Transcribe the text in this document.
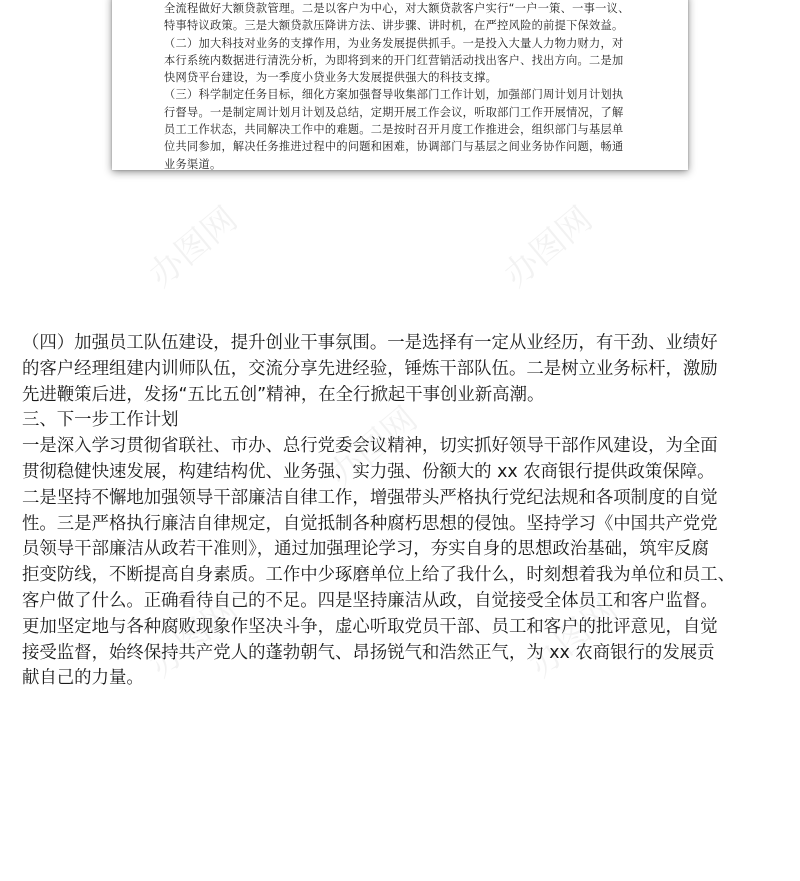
办图网	办图网
办图网
办图网	办图网
全流程做好大额贷款管理。二是以客户为中心，对大额贷款客户实行“一户一策、一事一议、
特事特议政策。三是大额贷款压降讲方法、讲步骤、讲时机，在严控风险的前提下保效益。
（二）加大科技对业务的支撑作用，为业务发展提供抓手。一是投入大量人力物力财力，对
本行系统内数据进行清洗分析，为即将到来的开门红营销活动找出客户、找出方向。二是加
快网贷平台建设，为一季度小贷业务大发展提供强大的科技支撑。
（三）科学制定任务目标，细化方案加强督导收集部门工作计划，加强部门周计划月计划执
行督导。一是制定周计划月计划及总结，定期开展工作会议，听取部门工作开展情况，了解
员工工作状态，共同解决工作中的难题。二是按时召开月度工作推进会，组织部门与基层单
位共同参加，解决任务推进过程中的问题和困难，协调部门与基层之间业务协作问题，畅通
业务渠道。
（四）加强员工队伍建设，提升创业干事氛围。一是选择有一定从业经历，有干劲、业绩好
的客户经理组建内训师队伍，交流分享先进经验，锤炼干部队伍。二是树立业务标杆，激励
先进鞭策后进，发扬“五比五创”精神，在全行掀起干事创业新高潮。
三、下一步工作计划
一是深入学习贯彻省联社、市办、总行党委会议精神，切实抓好领导干部作风建设，为全面
贯彻稳健快速发展，构建结构优、业务强、实力强、份额大的 xx 农商银行提供政策保障。
二是坚持不懈地加强领导干部廉洁自律工作，增强带头严格执行党纪法规和各项制度的自觉
性。三是严格执行廉洁自律规定，自觉抵制各种腐朽思想的侵蚀。坚持学习《中国共产党党
员领导干部廉洁从政若干准则》，通过加强理论学习，夯实自身的思想政治基础，筑牢反腐
拒变防线，不断提高自身素质。工作中少琢磨单位上给了我什么，时刻想着我为单位和员工、
客户做了什么。正确看待自己的不足。四是坚持廉洁从政，自觉接受全体员工和客户监督。
更加坚定地与各种腐败现象作坚决斗争，虚心听取党员干部、员工和客户的批评意见，自觉
接受监督，始终保持共产党人的蓬勃朝气、昂扬锐气和浩然正气，为 xx 农商银行的发展贡
献自己的力量。
